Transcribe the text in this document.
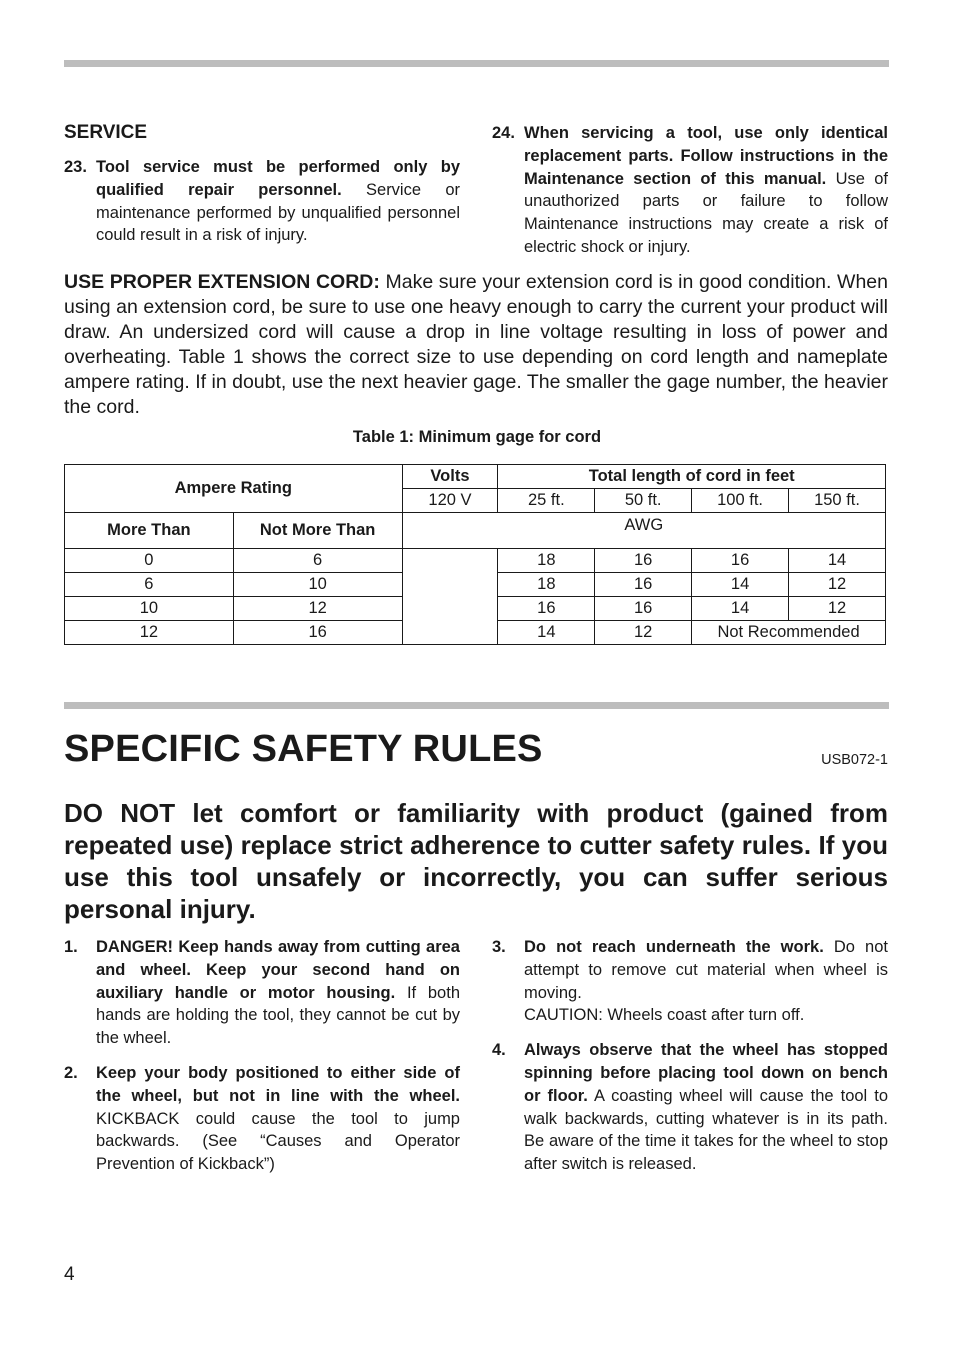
SERVICE
23. Tool service must be performed only by qualified repair personnel. Service or maintenance performed by unqualified personnel could result in a risk of injury.
24. When servicing a tool, use only identical replacement parts. Follow instructions in the Maintenance section of this manual. Use of unauthorized parts or failure to follow Maintenance instructions may create a risk of electric shock or injury.

USE PROPER EXTENSION CORD: Make sure your extension cord is in good condition. When using an extension cord, be sure to use one heavy enough to carry the current your product will draw. An undersized cord will cause a drop in line voltage resulting in loss of power and overheating. Table 1 shows the correct size to use depending on cord length and nameplate ampere rating. If in doubt, use the next heavier gage. The smaller the gage number, the heavier the cord.

Table 1: Minimum gage for cord
Ampere Rating		Volts	Total length of cord in feet			
		120 V	25 ft.	50 ft.	100 ft.	150 ft.
More Than	Not More Than	AWG				
0	6		18	16	16	14
6	10		18	16	14	12
10	12		16	16	14	12
12	16		14	12	Not Recommended	
SPECIFIC SAFETY RULES	USB072-1

DO NOT let comfort or familiarity with product (gained from repeated use) replace strict adherence to cutter safety rules. If you use this tool unsafely or incorrectly, you can suffer serious personal injury.

1.	DANGER! Keep hands away from cutting area and wheel. Keep your second hand on auxiliary handle or motor housing. If both hands are holding the tool, they cannot be cut by the wheel.
2.	Keep your body positioned to either side of the wheel, but not in line with the wheel. KICKBACK could cause the tool to jump backwards. (See “Causes and Operator Prevention of Kickback”)
3.	Do not reach underneath the work. Do not attempt to remove cut material when wheel is moving.
CAUTION: Wheels coast after turn off.
4.	Always observe that the wheel has stopped spinning before placing tool down on bench or floor. A coasting wheel will cause the tool to walk backwards, cutting whatever is in its path. Be aware of the time it takes for the wheel to stop after switch is released.
4
